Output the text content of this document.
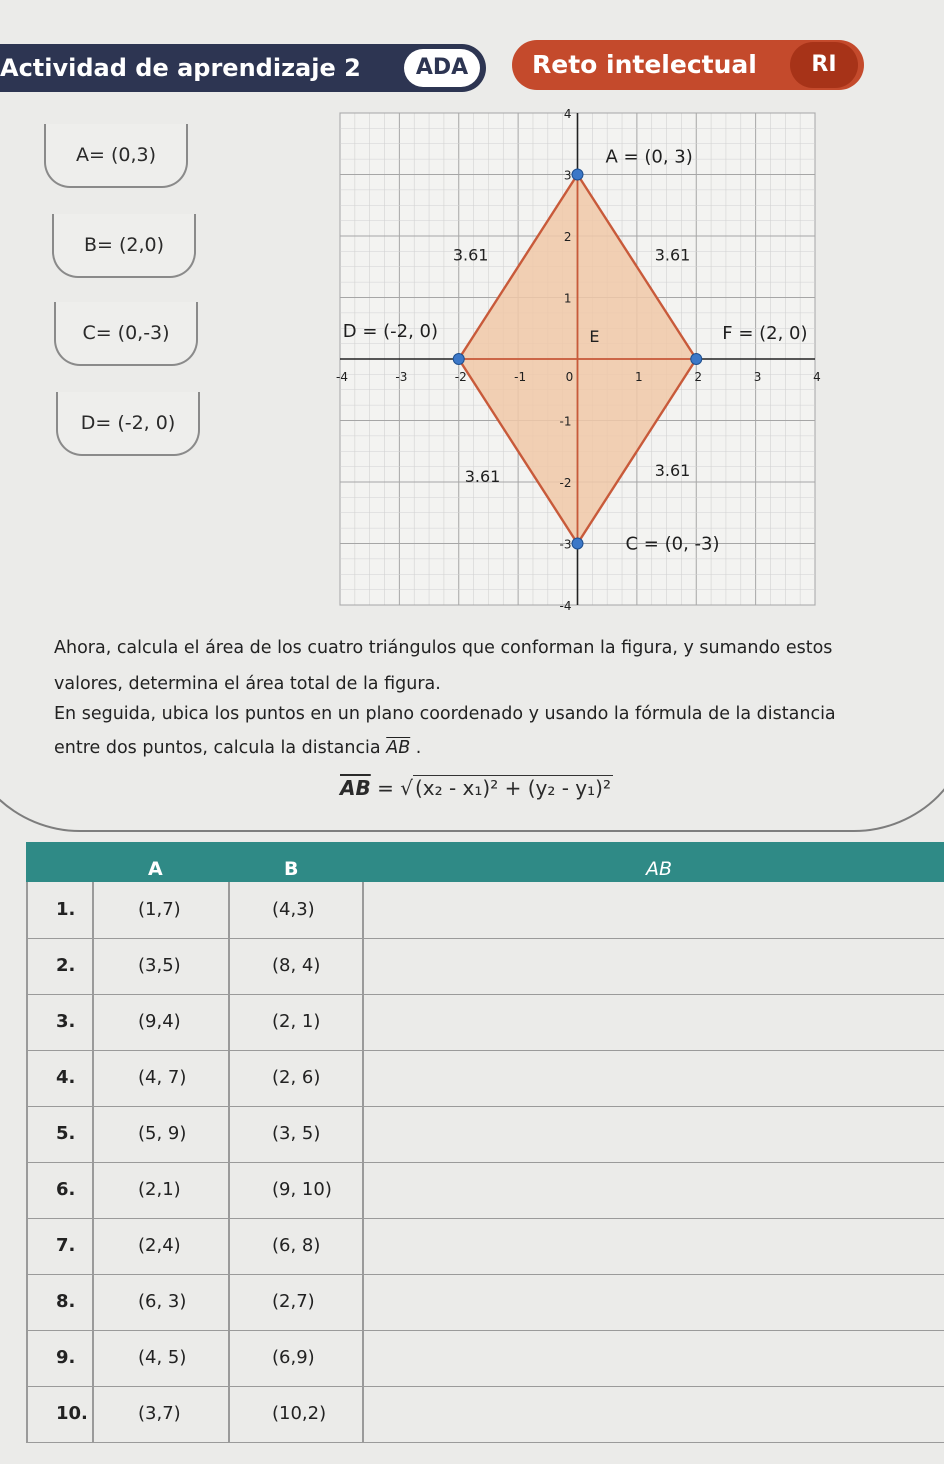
Actividad de aprendizaje 2	ADA	Reto intelectual	RI
A= (0,3)
B= (2,0)
C= (0,-3)
D= (-2, 0)
-4	-3	-2	-1	0	1	2	3	4
4
3
2
1
-1
-2
-3
-4
A = (0, 3)
F = (2, 0)
C = (0, -3)
D = (-2, 0)	E
3.61	3.61
3.61	3.61
Ahora, calcula el área de los cuatro triángulos que conforman la figura, y sumando estos
valores, determina el área total de la figura.
En seguida, ubica los puntos en un plano coordenado y usando la fórmula de la distancia
entre dos puntos, calcula la distancia $\overline{AB}$ .
$\overline{AB}$ = √ (x₂ - x₁)² + (y₂ - y₁)²
A	B	AB
1.	(1,7)	(4,3)
2.	(3,5)	(8, 4)
3.	(9,4)	(2, 1)
4.	(4, 7)	(2, 6)
5.	(5, 9)	(3, 5)
6.	(2,1)	(9, 10)
7.	(2,4)	(6, 8)
8.	(6, 3)	(2,7)
9.	(4, 5)	(6,9)
10.	(3,7)	(10,2)
